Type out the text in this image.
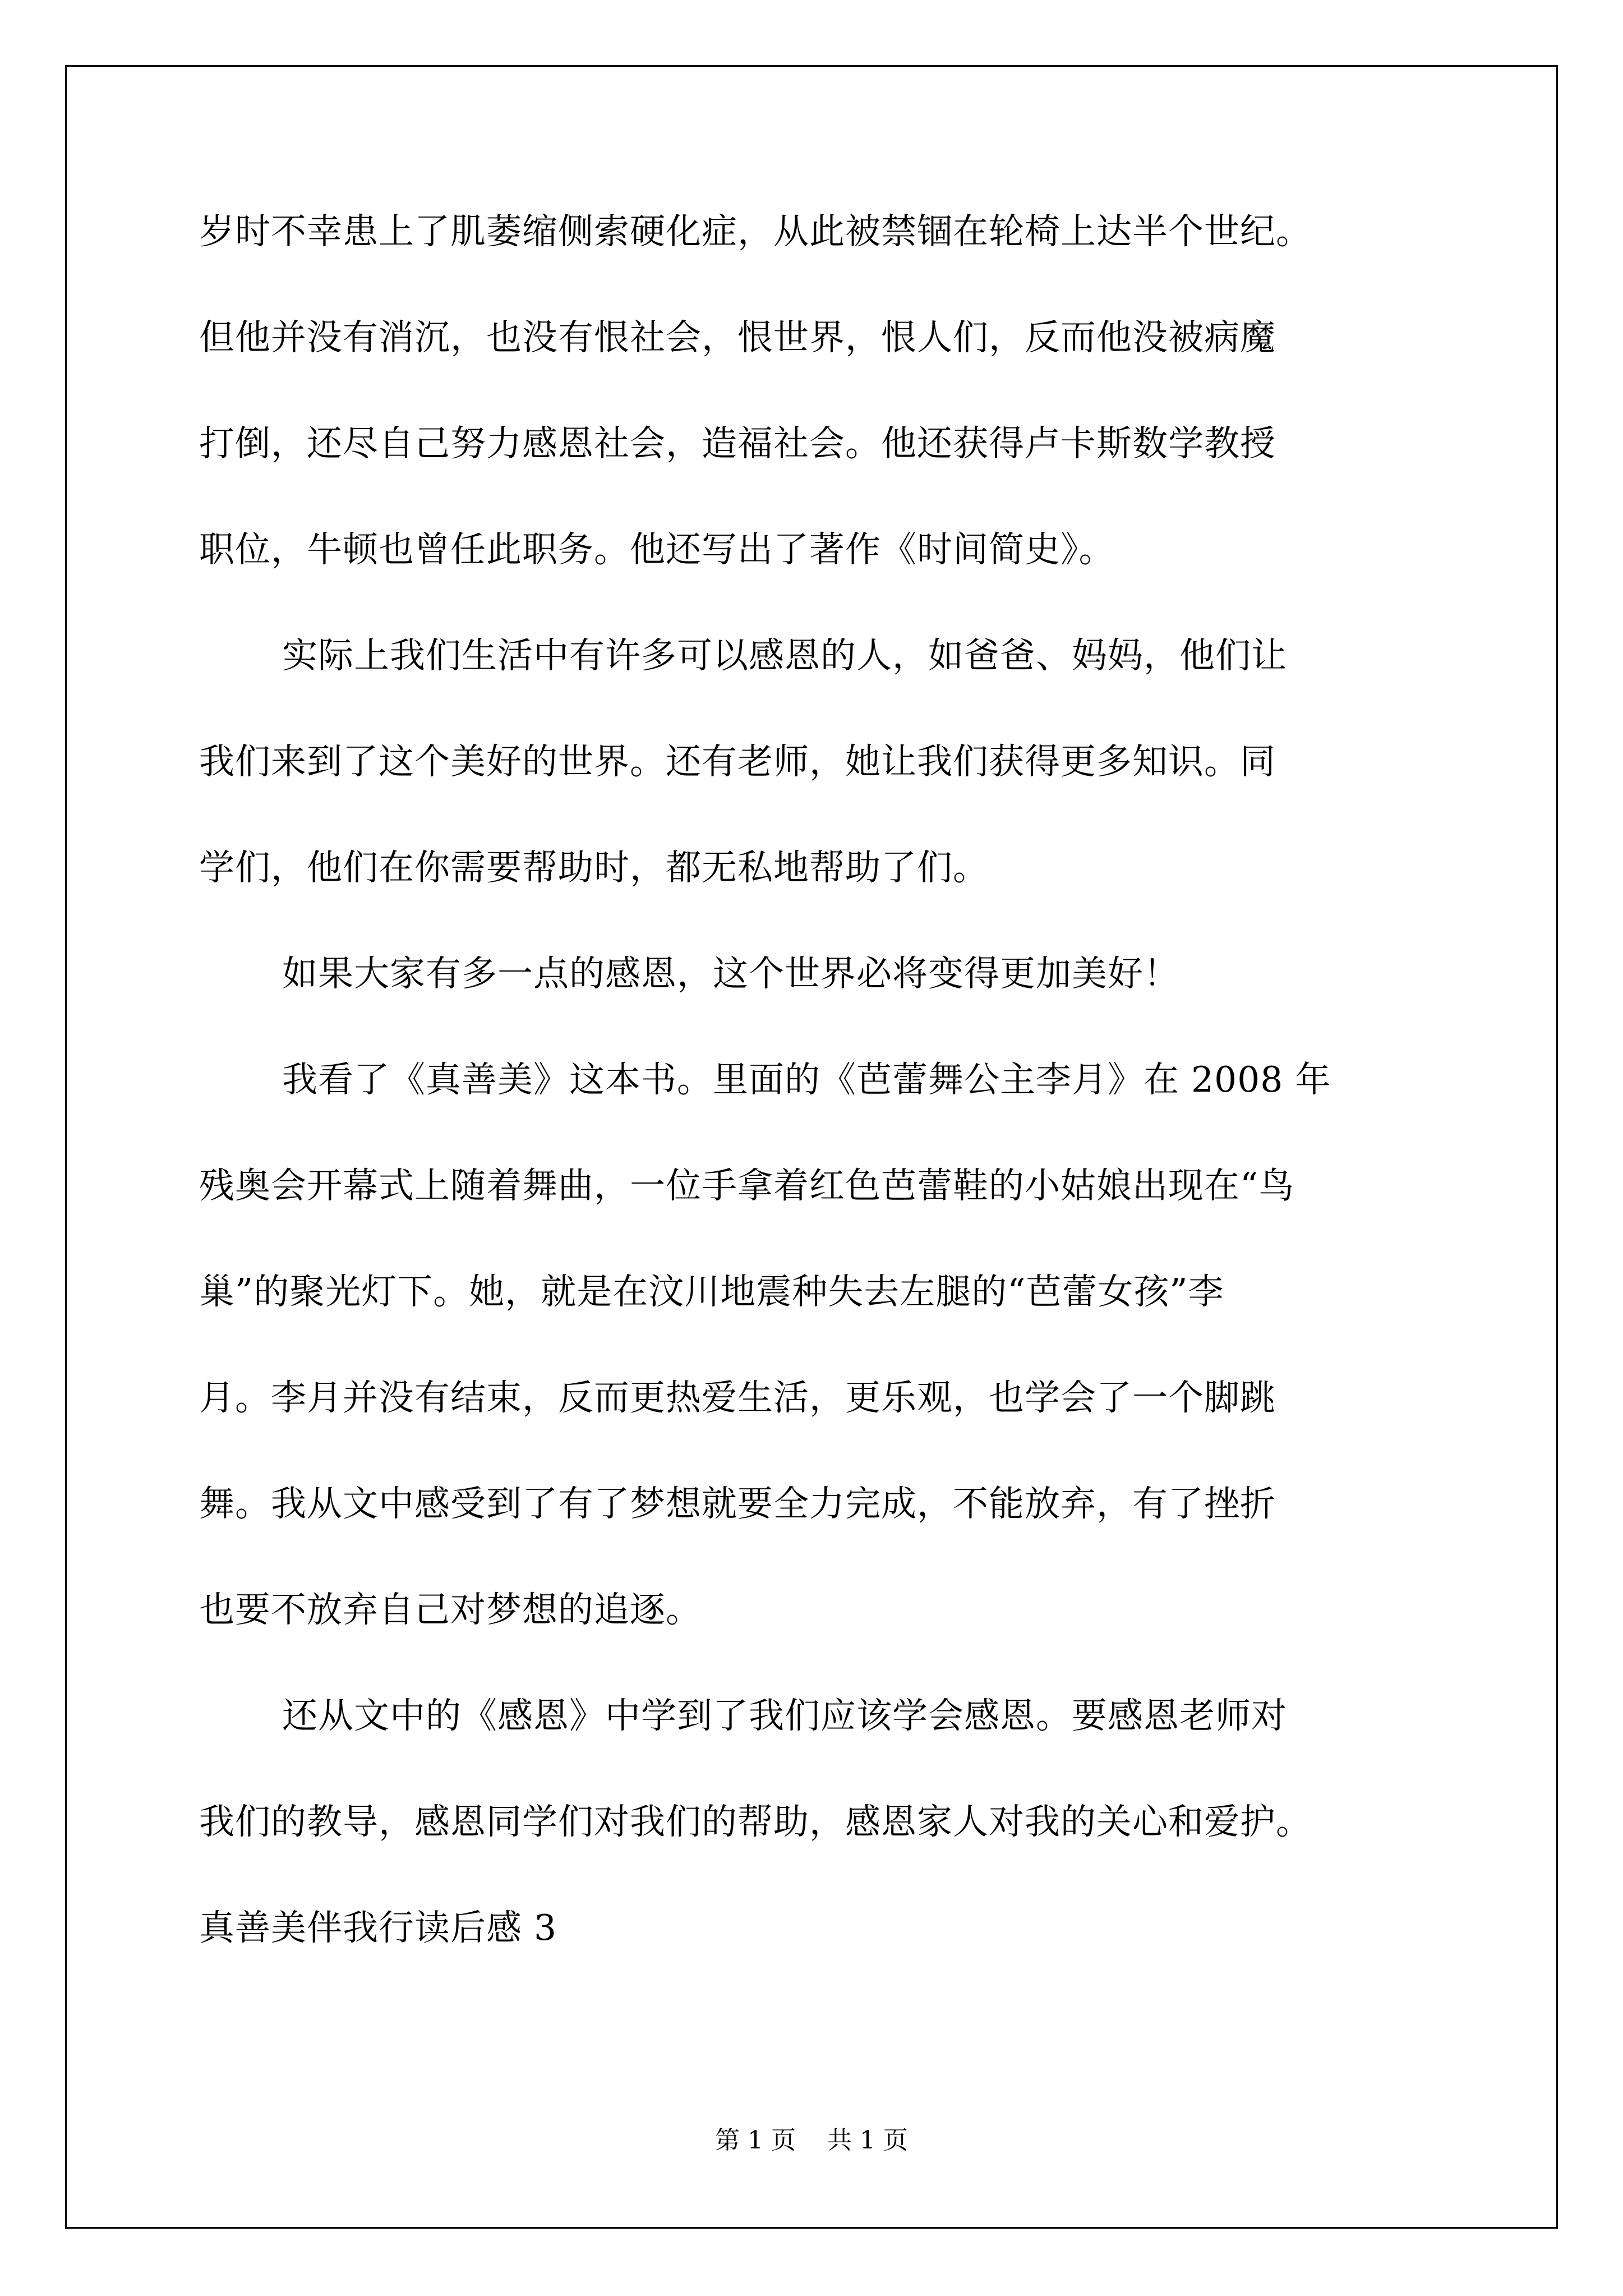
岁时不幸患上了肌萎缩侧索硬化症，从此被禁锢在轮椅上达半个世纪。
但他并没有消沉，也没有恨社会，恨世界，恨人们，反而他没被病魔
打倒，还尽自己努力感恩社会，造福社会。他还获得卢卡斯数学教授
职位，牛顿也曾任此职务。他还写出了著作《时间简史》。
实际上我们生活中有许多可以感恩的人，如爸爸、妈妈，他们让
我们来到了这个美好的世界。还有老师，她让我们获得更多知识。同
学们，他们在你需要帮助时，都无私地帮助了们。
如果大家有多一点的感恩，这个世界必将变得更加美好！
我看了《真善美》这本书。里面的《芭蕾舞公主李月》在 2008 年
残奥会开幕式上随着舞曲，一位手拿着红色芭蕾鞋的小姑娘出现在“鸟
巢”的聚光灯下。她，就是在汶川地震种失去左腿的“芭蕾女孩”李
月。李月并没有结束，反而更热爱生活，更乐观，也学会了一个脚跳
舞。我从文中感受到了有了梦想就要全力完成，不能放弃，有了挫折
也要不放弃自己对梦想的追逐。
还从文中的《感恩》中学到了我们应该学会感恩。要感恩老师对
我们的教导，感恩同学们对我们的帮助，感恩家人对我的关心和爱护。
真善美伴我行读后感 3
第 1 页    共 1 页
